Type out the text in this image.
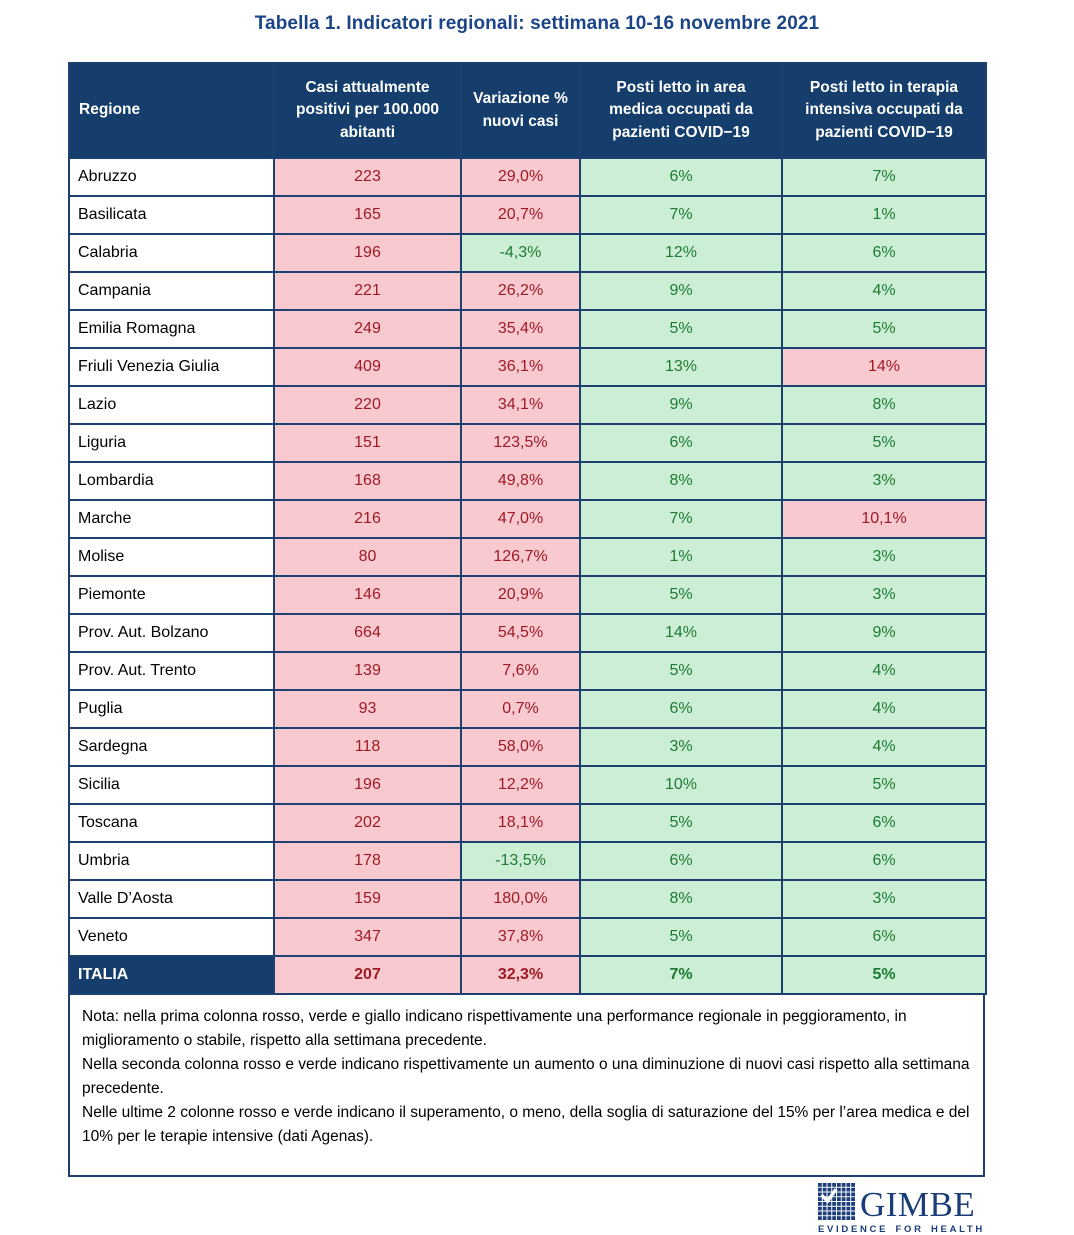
Tabella 1. Indicatori regionali: settimana 10-16 novembre 2021
Regione	Casi attualmente positivi per 100.000 abitanti	Variazione % nuovi casi	Posti letto in area medica occupati da pazienti COVID−19	Posti letto in terapia intensiva occupati da pazienti COVID−19
Abruzzo	223	29,0%	6%	7%
Basilicata	165	20,7%	7%	1%
Calabria	196	-4,3%	12%	6%
Campania	221	26,2%	9%	4%
Emilia Romagna	249	35,4%	5%	5%
Friuli Venezia Giulia	409	36,1%	13%	14%
Lazio	220	34,1%	9%	8%
Liguria	151	123,5%	6%	5%
Lombardia	168	49,8%	8%	3%
Marche	216	47,0%	7%	10,1%
Molise	80	126,7%	1%	3%
Piemonte	146	20,9%	5%	3%
Prov. Aut. Bolzano	664	54,5%	14%	9%
Prov. Aut. Trento	139	7,6%	5%	4%
Puglia	93	0,7%	6%	4%
Sardegna	118	58,0%	3%	4%
Sicilia	196	12,2%	10%	5%
Toscana	202	18,1%	5%	6%
Umbria	178	-13,5%	6%	6%
Valle D’Aosta	159	180,0%	8%	3%
Veneto	347	37,8%	5%	6%
ITALIA	207	32,3%	7%	5%

Nota: nella prima colonna rosso, verde e giallo indicano rispettivamente una performance regionale in peggioramento, in miglioramento o stabile, rispetto alla settimana precedente.

Nella seconda colonna rosso e verde indicano rispettivamente un aumento o una diminuzione di nuovi casi rispetto alla settimana precedente.

Nelle ultime 2 colonne rosso e verde indicano il superamento, o meno, della soglia di saturazione del 15% per l’area medica e del 10% per le terapie intensive (dati Agenas).

GIMBE
EVIDENCE FOR HEALTH
